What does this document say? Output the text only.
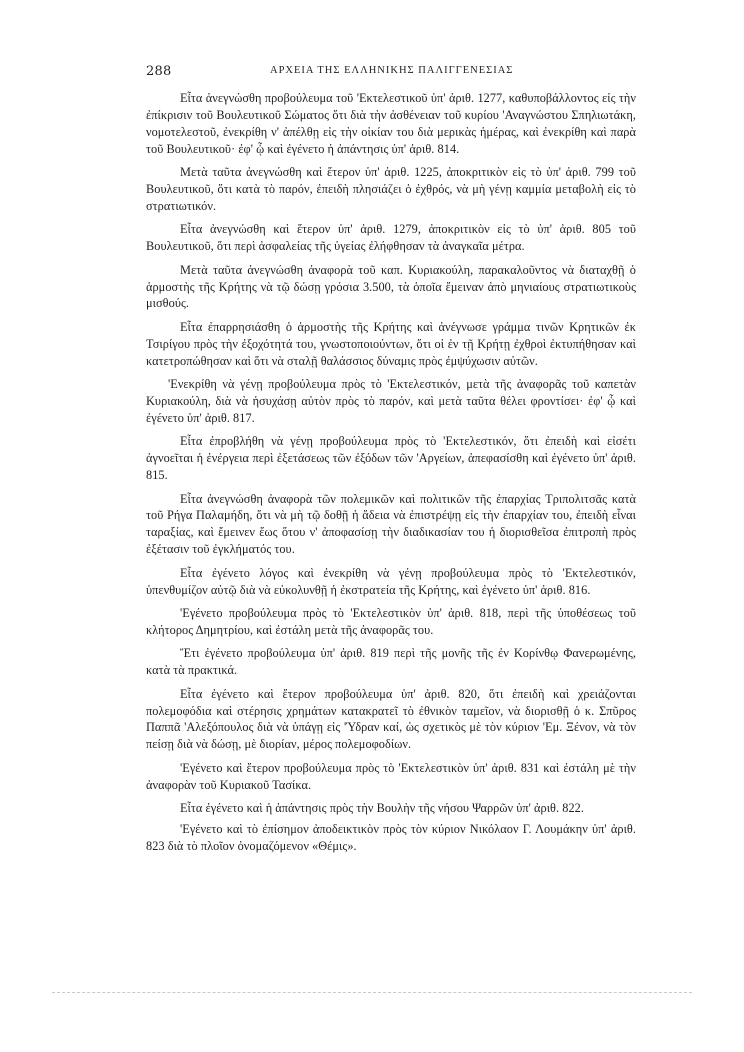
288	ΑΡΧΕΙΑ ΤΗΣ ΕΛΛΗΝΙΚΗΣ ΠΑΛΙΓΓΕΝΕΣΙΑΣ

Εἶτα ἀνεγνώσθη προβούλευμα τοῦ 'Εκτελεστικοῦ ὑπ' ἀριθ. 1277, καθυποβάλλοντος εἰς τὴν ἐπίκρισιν τοῦ Βουλευτικοῦ Σώματος ὅτι διὰ τὴν ἀσθένειαν τοῦ κυρίου 'Αναγνώστου Σπηλιωτάκη, νομοτελεστοῦ, ἐνεκρίθη ν' ἀπέλθῃ εἰς τὴν οἰκίαν του διὰ μερικὰς ἡμέρας, καὶ ἐνεκρίθη καὶ παρὰ τοῦ Βουλευτικοῦ· ἐφ' ᾧ καὶ ἐγένετο ἡ ἀπάντησις ὑπ' ἀριθ. 814.

Μετὰ ταῦτα ἀνεγνώσθη καὶ ἕτερον ὑπ' ἀριθ. 1225, ἀποκριτικὸν εἰς τὸ ὑπ' ἀριθ. 799 τοῦ Βουλευτικοῦ, ὅτι κατὰ τὸ παρόν, ἐπειδὴ πλησιάζει ὁ ἐχθρός, νὰ μὴ γένῃ καμμία μεταβολὴ εἰς τὸ στρατιωτικόν.

Εἶτα ἀνεγνώσθη καὶ ἕτερον ὑπ' ἀριθ. 1279, ἀποκριτικὸν εἰς τὸ ὑπ' ἀριθ. 805 τοῦ Βουλευτικοῦ, ὅτι περὶ ἀσφαλείας τῆς ὑγείας ἐλήφθησαν τὰ ἀναγκαῖα μέτρα.

Μετὰ ταῦτα ἀνεγνώσθη ἀναφορὰ τοῦ καπ. Κυριακούλη, παρακαλοῦντος νὰ διαταχθῇ ὁ ἁρμοστὴς τῆς Κρήτης νὰ τῷ δώσῃ γρόσια 3.500, τὰ ὁποῖα ἔμειναν ἀπὸ μηνιαίους στρατιωτικοὺς μισθούς.

Εἶτα ἐπαρρησιάσθη ὁ ἁρμοστὴς τῆς Κρήτης καὶ ἀνέγνωσε γράμμα τινῶν Κρητικῶν ἐκ Τσιρίγου πρὸς τὴν ἐξοχότητά του, γνωστοποιούντων, ὅτι οἱ ἐν τῇ Κρήτῃ ἐχθροὶ ἐκτυπήθησαν καὶ κατετροπώθησαν καὶ ὅτι νὰ σταλῇ θαλάσσιος δύναμις πρὸς ἐμψύχωσιν αὐτῶν.

'Ενεκρίθη νὰ γένῃ προβούλευμα πρὸς τὸ 'Εκτελεστικόν, μετὰ τῆς ἀναφορᾶς τοῦ καπετὰν Κυριακούλη, διὰ νὰ ἡσυχάσῃ αὐτὸν πρὸς τὸ παρόν, καὶ μετὰ ταῦτα θέλει φροντίσει· ἐφ' ᾧ καὶ ἐγένετο ὑπ' ἀριθ. 817.

Εἶτα ἐπροβλήθη νὰ γένῃ προβούλευμα πρὸς τὸ 'Εκτελεστικόν, ὅτι ἐπειδὴ καὶ εἰσέτι ἀγνοεῖται ἡ ἐνέργεια περὶ ἐξετάσεως τῶν ἐξόδων τῶν 'Αργείων, ἀπεφασίσθη καὶ ἐγένετο ὑπ' ἀριθ. 815.

Εἶτα ἀνεγνώσθη ἀναφορὰ τῶν πολεμικῶν καὶ πολιτικῶν τῆς ἐπαρχίας Τριπολιτσᾶς κατὰ τοῦ Ρήγα Παλαμήδη, ὅτι νὰ μὴ τῷ δοθῇ ἡ ἄδεια νὰ ἐπιστρέψῃ εἰς τὴν ἐπαρχίαν του, ἐπειδὴ εἶναι ταραξίας, καὶ ἔμεινεν ἕως ὅτου ν' ἀποφασίσῃ τὴν διαδικασίαν του ἡ διορισθεῖσα ἐπιτροπὴ πρὸς ἐξέτασιν τοῦ ἐγκλήματός του.

Εἶτα ἐγένετο λόγος καὶ ἐνεκρίθη νὰ γένῃ προβούλευμα πρὸς τὸ 'Εκτελεστικόν, ὑπενθυμίζον αὐτῷ διὰ νὰ εὐκολυνθῇ ἡ ἐκστρατεία τῆς Κρήτης, καὶ ἐγένετο ὑπ' ἀριθ. 816.

'Εγένετο προβούλευμα πρὸς τὸ 'Εκτελεστικὸν ὑπ' ἀριθ. 818, περὶ τῆς ὑποθέσεως τοῦ κλήτορος Δημητρίου, καὶ ἐστάλη μετὰ τῆς ἀναφορᾶς του.

Ἔτι ἐγένετο προβούλευμα ὑπ' ἀριθ. 819 περὶ τῆς μονῆς τῆς ἐν Κορίνθῳ Φανερωμένης, κατὰ τὰ πρακτικά.

Εἶτα ἐγένετο καὶ ἕτερον προβούλευμα ὑπ' ἀριθ. 820, ὅτι ἐπειδὴ καὶ χρειάζονται πολεμοφόδια καὶ στέρησις χρημάτων κατακρατεῖ τὸ ἐθνικὸν ταμεῖον, νὰ διορισθῇ ὁ κ. Σπῦρος Παππᾶ 'Αλεξόπουλος διὰ νὰ ὑπάγῃ εἰς 'Ύδραν καί, ὡς σχετικὸς μὲ τὸν κύριον 'Εμ. Ξένον, νὰ τὸν πείσῃ διὰ νὰ δώσῃ, μὲ διορίαν, μέρος πολεμοφοδίων.

'Εγένετο καὶ ἕτερον προβούλευμα πρὸς τὸ 'Εκτελεστικὸν ὑπ' ἀριθ. 831 καὶ ἐστάλη μὲ τὴν ἀναφορὰν τοῦ Κυριακοῦ Τασίκα.

Εἶτα ἐγένετο καὶ ἡ ἀπάντησις πρὸς τὴν Βουλὴν τῆς νήσου Ψαρρῶν ὑπ' ἀριθ. 822.

'Εγένετο καὶ τὸ ἐπίσημον ἀποδεικτικὸν πρὸς τὸν κύριον Νικόλαον Γ. Λουμάκην ὑπ' ἀριθ. 823 διὰ τὸ πλοῖον ὀνομαζόμενον «Θέμις».
